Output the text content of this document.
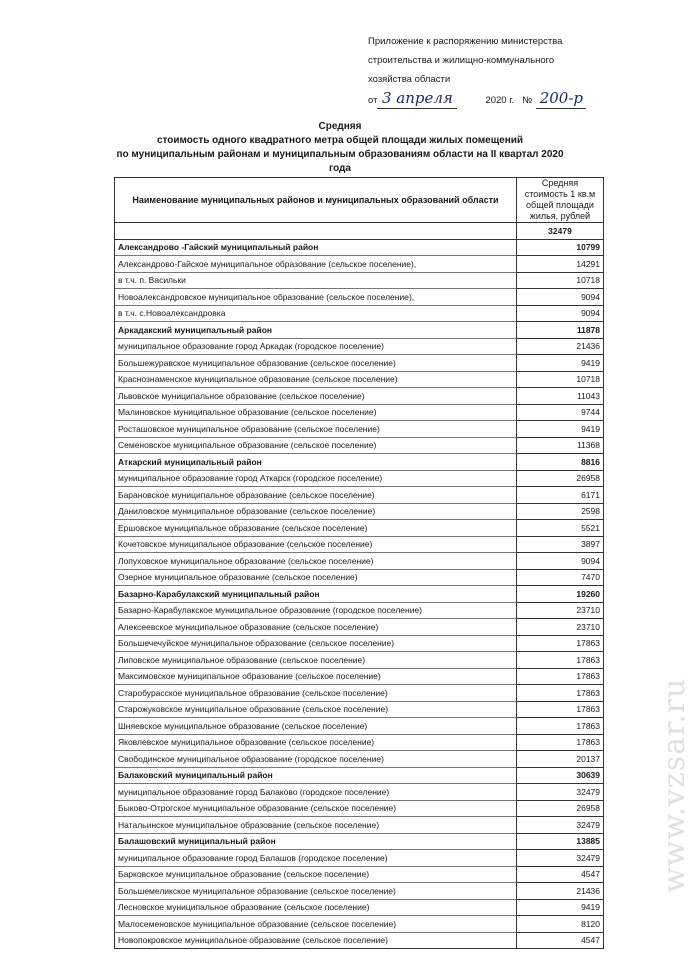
Приложение к распоряжению министерства
строительства и жилищно-коммунального
хозяйства области
от 3 апреля	2020 г. № 200-р
Средняя
стоимость одного квадратного метра общей площади жилых помещений
по муниципальным районам и муниципальным образованиям области на II квартал 2020 года
Наименование муниципальных районов и муниципальных образований области	Средняя стоимость 1 кв.м общей площади жилья, рублей
	32479
Александрово -Гайский муниципальный район	10799
Александрово-Гайское муниципальное образование (сельское поселение),	14291
в т.ч. п. Васильки	10718
Новоалександровское муниципальное образование (сельское поселение),	9094
в т.ч. с.Новоалександровка	9094
Аркадакский муниципальный район	11878
муниципальное образование город Аркадак (городское поселение)	21436
Большежуравское муниципальное образование (сельское поселение)	9419
Краснознаменское муниципальное образование (сельское поселение)	10718
Львовское муниципальное образование (сельское поселение)	11043
Малиновское муниципальное образование (сельское поселение)	9744
Росташовское муниципальное образование (сельское поселение)	9419
Семеновское муниципальное образование (сельское поселение)	11368
Аткарский муниципальный район	8816
муниципальное образование город Аткарск (городское поселение)	26958
Барановское муниципальное образование (сельское поселение)	6171
Даниловское муниципальное образование (сельское поселение)	2598
Ершовское муниципальное образование (сельское поселение)	5521
Кочетовское муниципальное образование (сельское поселение)	3897
Лопуховское муниципальное образование (сельское поселение)	9094
Озерное муниципальное образование (сельское поселение)	7470
Базарно-Карабулакский муниципальный район	19260
Базарно-Карабулакское муниципальное образование (городское поселение)	23710
Алексеевское муниципальное образование (сельское поселение)	23710
Большечечуйское муниципальное образование (сельское поселение)	17863
Липовское муниципальное образование (сельское поселение)	17863
Максимовское муниципальное образование (сельское поселение)	17863
Старобурасское муниципальное образование (сельское поселение)	17863
Старожуковское муниципальное образование (сельское поселение)	17863
Шняевское муниципальное образование (сельское поселение)	17863
Яковлевское муниципальное образование (сельское поселение)	17863
Свободинское муниципальное образование (городское поселение)	20137
Балаковский муниципальный район	30639
муниципальное образование город Балаково (городское поселение)	32479
Быково-Отрогское муниципальное образование (сельское поселение)	26958
Натальинское муниципальное образование (сельское поселение)	32479
Балашовский муниципальный район	13885
муниципальное образование город Балашов (городское поселение)	32479
Барковское муниципальное образование (сельское поселение)	4547
Большемеликское муниципальное образование (сельское поселение)	21436
Лесновское муниципальное образование (сельское поселение)	9419
Малосеменовское муниципальное образование (сельское поселение)	8120
Новопокровское муниципальное образование (сельское поселение)	4547
www.vzsar.ru
